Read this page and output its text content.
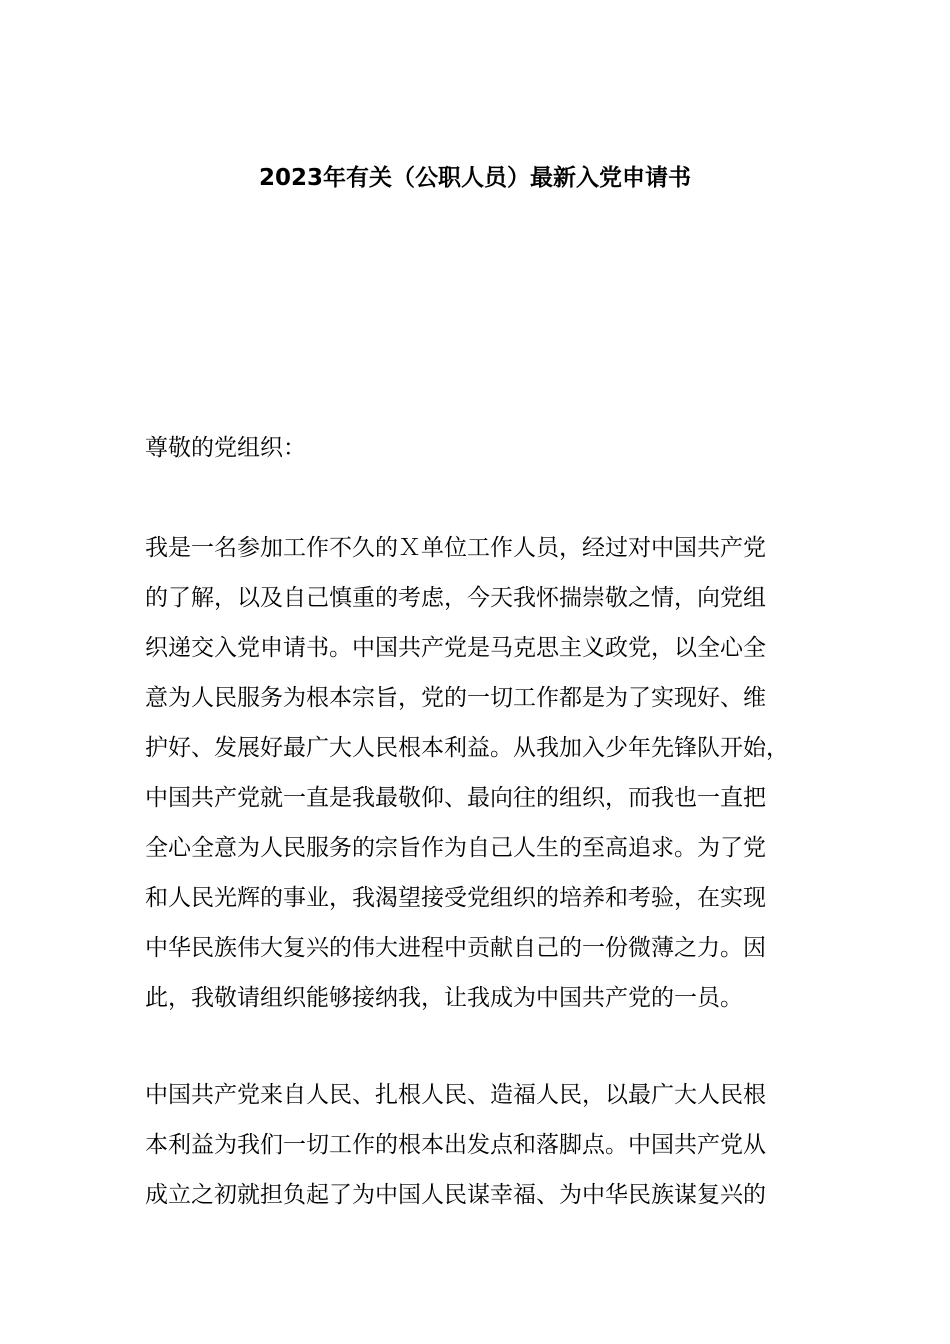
2023年有关（公职人员）最新入党申请书
尊敬的党组织：
我是一名参加工作不久的Ｘ单位工作人员，经过对中国共产党
的了解，以及自己慎重的考虑，今天我怀揣崇敬之情，向党组
织递交入党申请书。中国共产党是马克思主义政党，以全心全
意为人民服务为根本宗旨，党的一切工作都是为了实现好、维
护好、发展好最广大人民根本利益。从我加入少年先锋队开始，
中国共产党就一直是我最敬仰、最向往的组织，而我也一直把
全心全意为人民服务的宗旨作为自己人生的至高追求。为了党
和人民光辉的事业，我渴望接受党组织的培养和考验，在实现
中华民族伟大复兴的伟大进程中贡献自己的一份微薄之力。因
此，我敬请组织能够接纳我，让我成为中国共产党的一员。
中国共产党来自人民、扎根人民、造福人民，以最广大人民根
本利益为我们一切工作的根本出发点和落脚点。中国共产党从
成立之初就担负起了为中国人民谋幸福、为中华民族谋复兴的
